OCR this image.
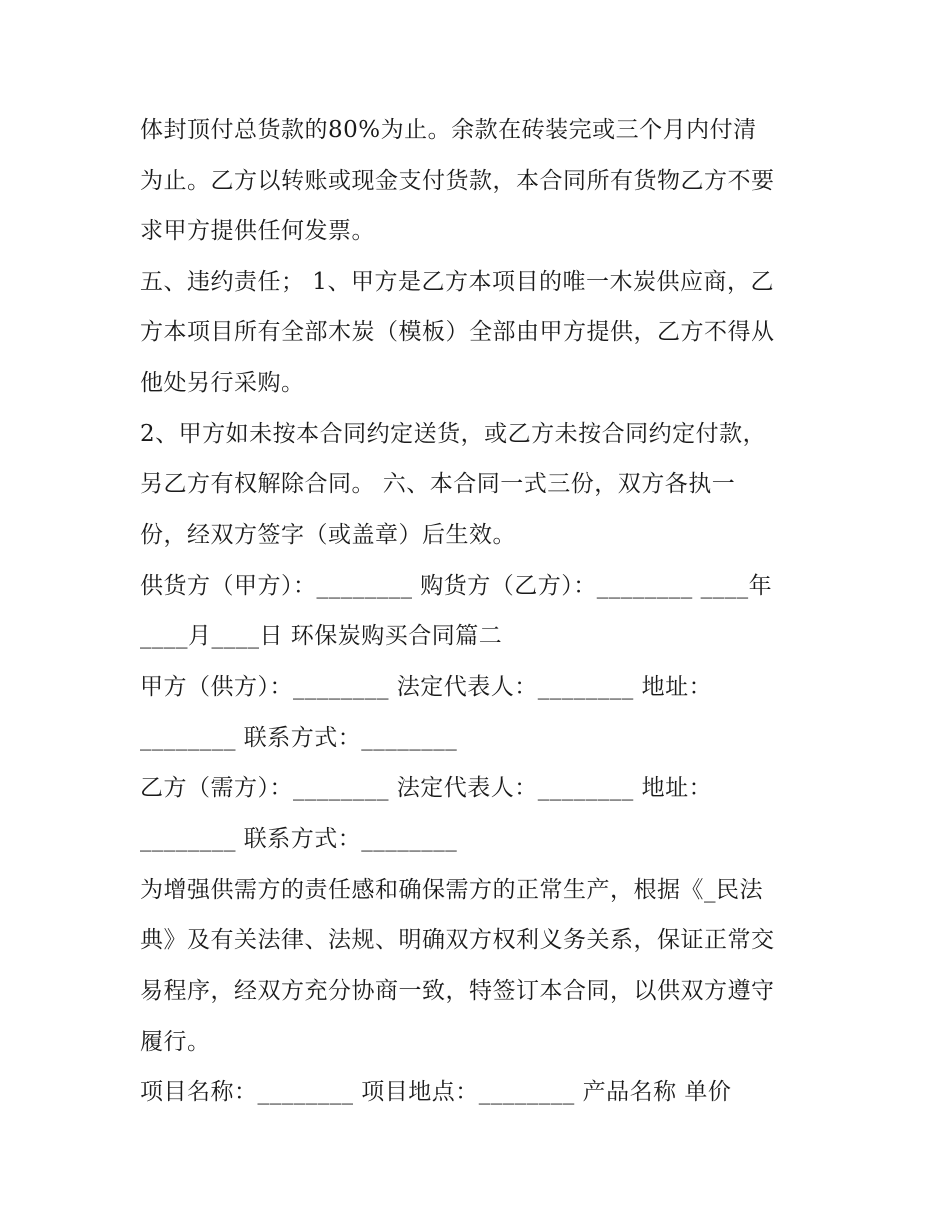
体封顶付总货款的80%为止。余款在砖装完或三个月内付清
为止。乙方以转账或现金支付货款，本合同所有货物乙方不要
求甲方提供任何发票。
五、违约责任； 1、甲方是乙方本项目的唯一木炭供应商，乙
方本项目所有全部木炭（模板）全部由甲方提供，乙方不得从
他处另行采购。
2、甲方如未按本合同约定送货，或乙方未按合同约定付款，
另乙方有权解除合同。 六、本合同一式三份，双方各执一
份，经双方签字（或盖章）后生效。
供货方（甲方）：________ 购货方（乙方）：________ ____年
____月____日 环保炭购买合同篇二
甲方（供方）：________ 法定代表人：________ 地址：
________ 联系方式：________
乙方（需方）：________ 法定代表人：________ 地址：
________ 联系方式：________
为增强供需方的责任感和确保需方的正常生产，根据《_民法
典》及有关法律、法规、明确双方权利义务关系，保证正常交
易程序，经双方充分协商一致，特签订本合同，以供双方遵守
履行。
项目名称：________ 项目地点：________ 产品名称 单价
